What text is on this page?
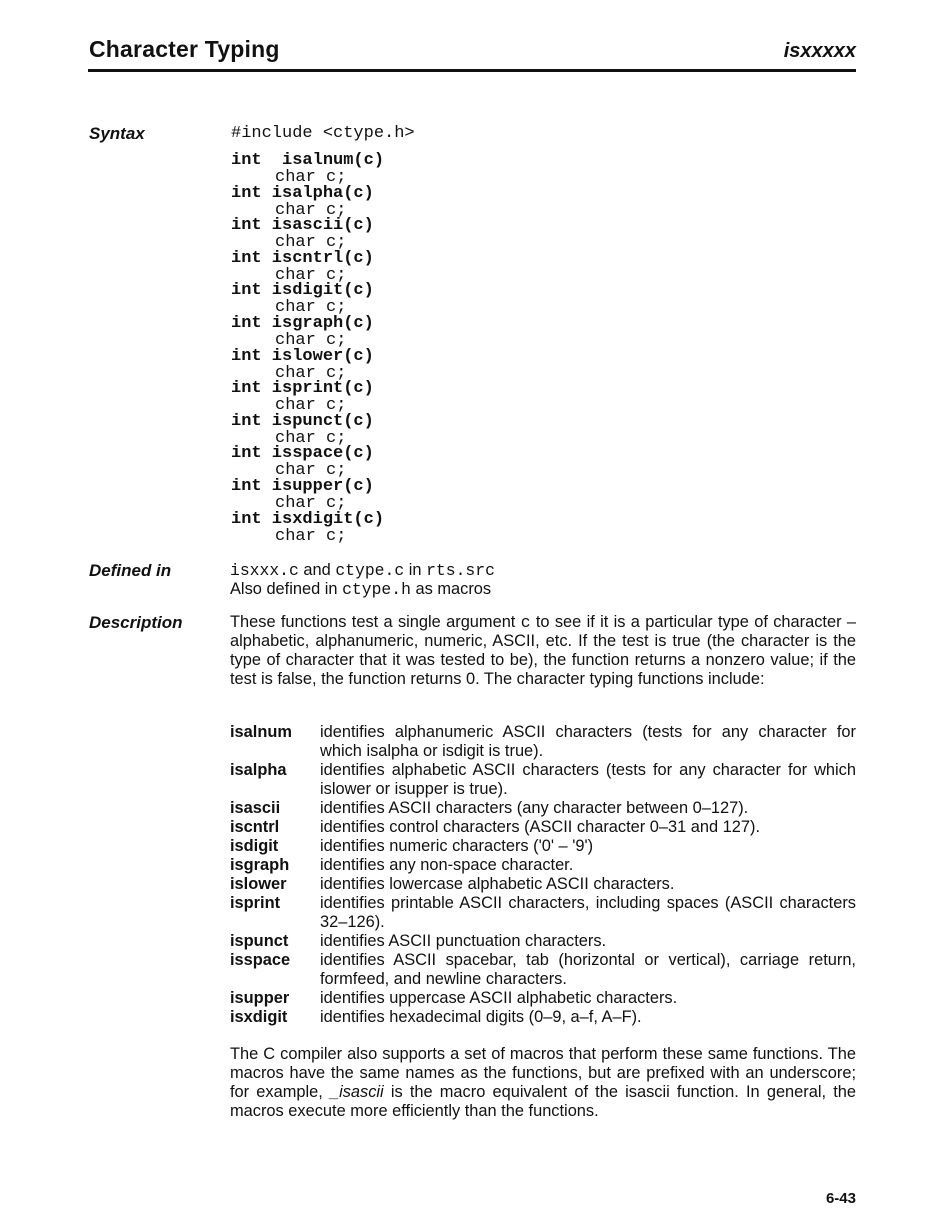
Character Typing	isxxxxx
Syntax	#include <ctype.h>
int  isalnum(c)
char c;
int isalpha(c)
char c;
int isascii(c)
char c;
int iscntrl(c)
char c;
int isdigit(c)
char c;
int isgraph(c)
char c;
int islower(c)
char c;
int isprint(c)
char c;
int ispunct(c)
char c;
int isspace(c)
char c;
int isupper(c)
char c;
int isxdigit(c)
char c;
Defined in	isxxx.c and ctype.c in rts.src
Also defined in ctype.h as macros
Description	These functions test a single argument c to see if it is a particular type of character – alphabetic, alphanumeric, numeric, ASCII, etc. If the test is true (the character is the type of character that it was tested to be), the function returns a nonzero value; if the test is false, the function returns 0. The character typing functions include:
isalnum	identifies alphanumeric ASCII characters (tests for any character for which isalpha or isdigit is true).
isalpha	identifies alphabetic ASCII characters (tests for any character for which islower or isupper is true).
isascii	identifies ASCII characters (any character between 0–127).
iscntrl	identifies control characters (ASCII character 0–31 and 127).
isdigit	identifies numeric characters ('0' – '9')
isgraph	identifies any non-space character.
islower	identifies lowercase alphabetic ASCII characters.
isprint	identifies printable ASCII characters, including spaces (ASCII characters 32–126).
ispunct	identifies ASCII punctuation characters.
isspace	identifies ASCII spacebar, tab (horizontal or vertical), carriage return, formfeed, and newline characters.
isupper	identifies uppercase ASCII alphabetic characters.
isxdigit	identifies hexadecimal digits (0–9, a–f, A–F).
The C compiler also supports a set of macros that perform these same functions. The macros have the same names as the functions, but are prefixed with an underscore; for example, _isascii is the macro equivalent of the isascii function. In general, the macros execute more efficiently than the functions.
6-43
